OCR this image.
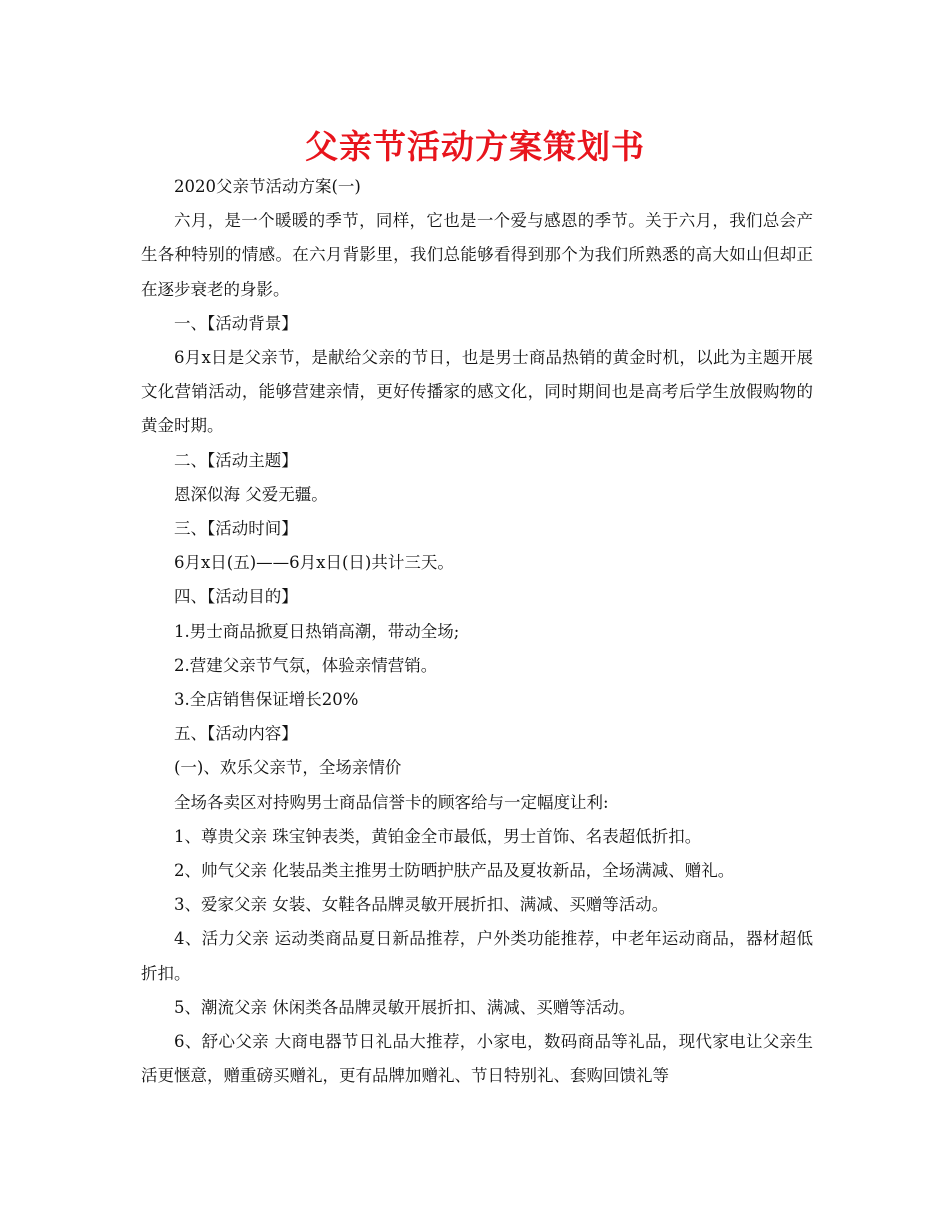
父亲节活动方案策划书

2020父亲节活动方案(一)

六月，是一个暖暖的季节，同样，它也是一个爱与感恩的季节。关于六月，我们总会产生各种特别的情感。在六月背影里，我们总能够看得到那个为我们所熟悉的高大如山但却正在逐步衰老的身影。

一、【活动背景】

6月x日是父亲节，是献给父亲的节日，也是男士商品热销的黄金时机，以此为主题开展文化营销活动，能够营建亲情，更好传播家的感文化，同时期间也是高考后学生放假购物的黄金时期。

二、【活动主题】

恩深似海 父爱无疆。

三、【活动时间】

6月x日(五)——6月x日(日)共计三天。

四、【活动目的】

1.男士商品掀夏日热销高潮，带动全场;

2.营建父亲节气氛，体验亲情营销。

3.全店销售保证增长20%

五、【活动内容】

(一)、欢乐父亲节，全场亲情价

全场各卖区对持购男士商品信誉卡的顾客给与一定幅度让利:

1、尊贵父亲 珠宝钟表类，黄铂金全市最低，男士首饰、名表超低折扣。

2、帅气父亲 化装品类主推男士防晒护肤产品及夏妆新品，全场满减、赠礼。

3、爱家父亲 女装、女鞋各品牌灵敏开展折扣、满减、买赠等活动。

4、活力父亲 运动类商品夏日新品推荐，户外类功能推荐，中老年运动商品，器材超低折扣。

5、潮流父亲 休闲类各品牌灵敏开展折扣、满减、买赠等活动。

6、舒心父亲 大商电器节日礼品大推荐，小家电，数码商品等礼品，现代家电让父亲生活更惬意，赠重磅买赠礼，更有品牌加赠礼、节日特别礼、套购回馈礼等
